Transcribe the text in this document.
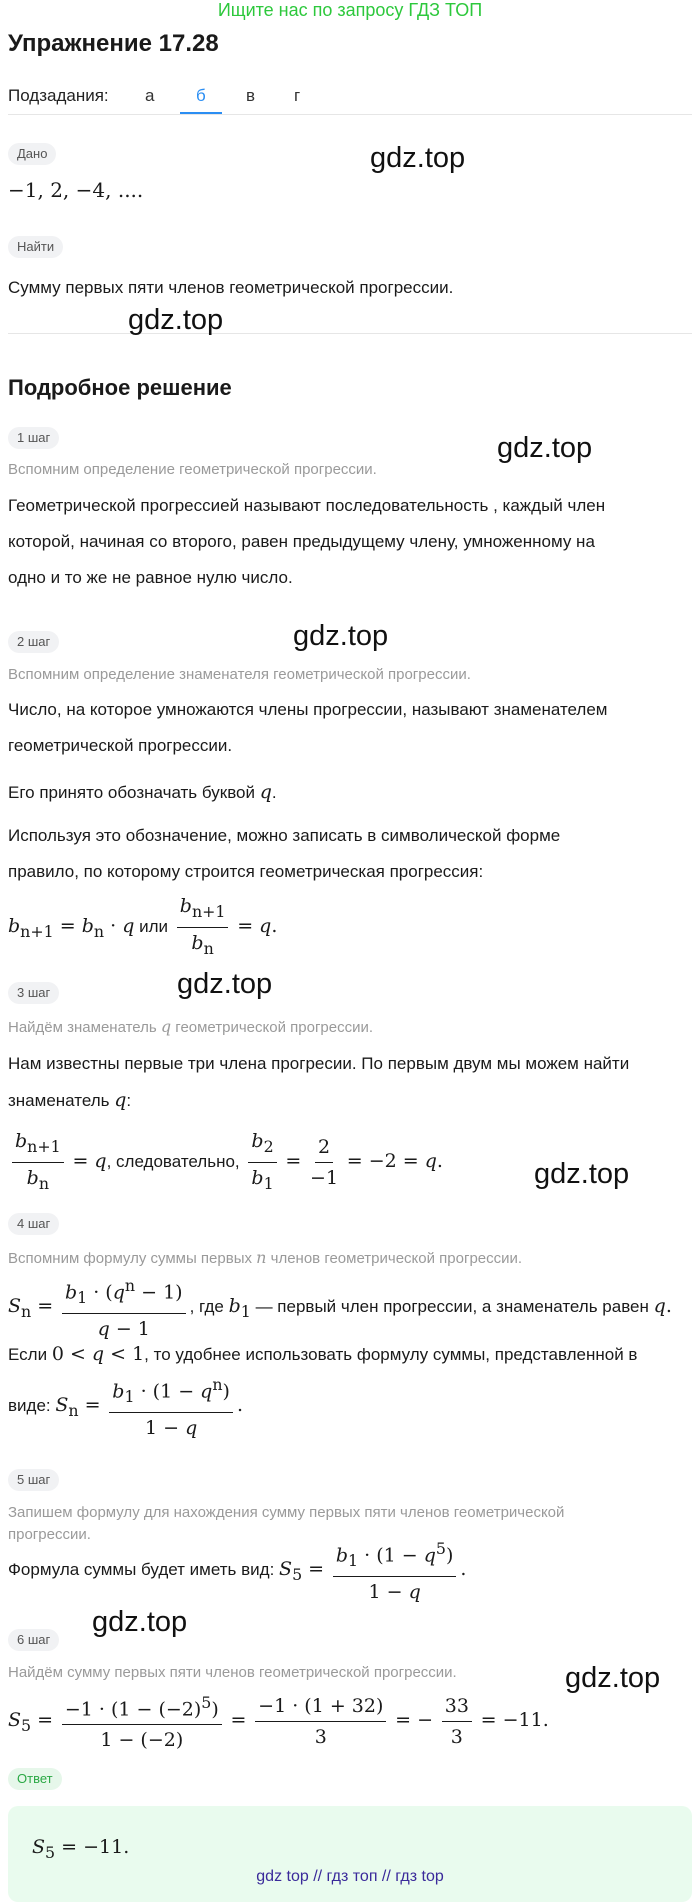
Ищите нас по запросу ГДЗ ТОП
Упражнение 17.28
Подзадания: а б в г
Дано
−1, 2, −4, ....
Найти
Сумму первых пяти членов геометрической прогрессии.
gdz.top
gdz.top
gdz.top
gdz.top
gdz.top
gdz.top
gdz.top
gdz.top
Подробное решение
1 шаг
Вспомним определение геометрической прогрессии.
Геометрической прогрессией называют последовательность , каждый член
которой, начиная со второго, равен предыдущему члену, умноженному на
одно и то же не равное нулю число.
2 шаг
Вспомним определение знаменателя геометрической прогрессии.
Число, на которое умножаются члены прогрессии, называют знаменателем
геометрической прогрессии.
Его принято обозначать буквой q.
Используя это обозначение, можно записать в символической форме
правило, по которому строится геометрическая прогрессия:
$b_{n+1} = b_n \cdot q$ или $\frac{b_{n+1}}{b_n} = q$.
3 шаг
Найдём знаменатель q геометрической прогрессии.
Нам известны первые три члена прогресии. По первым двум мы можем найти
знаменатель q:
$\frac{b_{n+1}}{b_n} = q$, следовательно, $\frac{b_2}{b_1} = \frac{2}{-1} = -2 = q$.
4 шаг
Вспомним формулу суммы первых n членов геометрической прогрессии.
$S_n = \frac{b_1 \cdot (q^n - 1)}{q - 1}$ , где $b_1$ — первый член прогрессии, а знаменатель равен q.
Если 0 < q < 1, то удобнее использовать формулу суммы, представленной в
виде: $S_n = \frac{b_1 \cdot (1 - q^n)}{1 - q}$ .
5 шаг
Запишем формулу для нахождения сумму первых пяти членов геометрической
прогрессии.
Формула суммы будет иметь вид: $S_5 = \frac{b_1 \cdot (1 - q^5)}{1 - q}$ .
6 шаг
Найдём сумму первых пяти членов геометрической прогрессии.
$S_5 = \frac{-1 \cdot (1 - (-2)^5)}{1 - (-2)} = \frac{-1 \cdot (1 + 32)}{3}$ = − $\frac{33}{3} = -11$.
Ответ
$S_5 = -11$.
gdz top // гдз топ // гдз top
